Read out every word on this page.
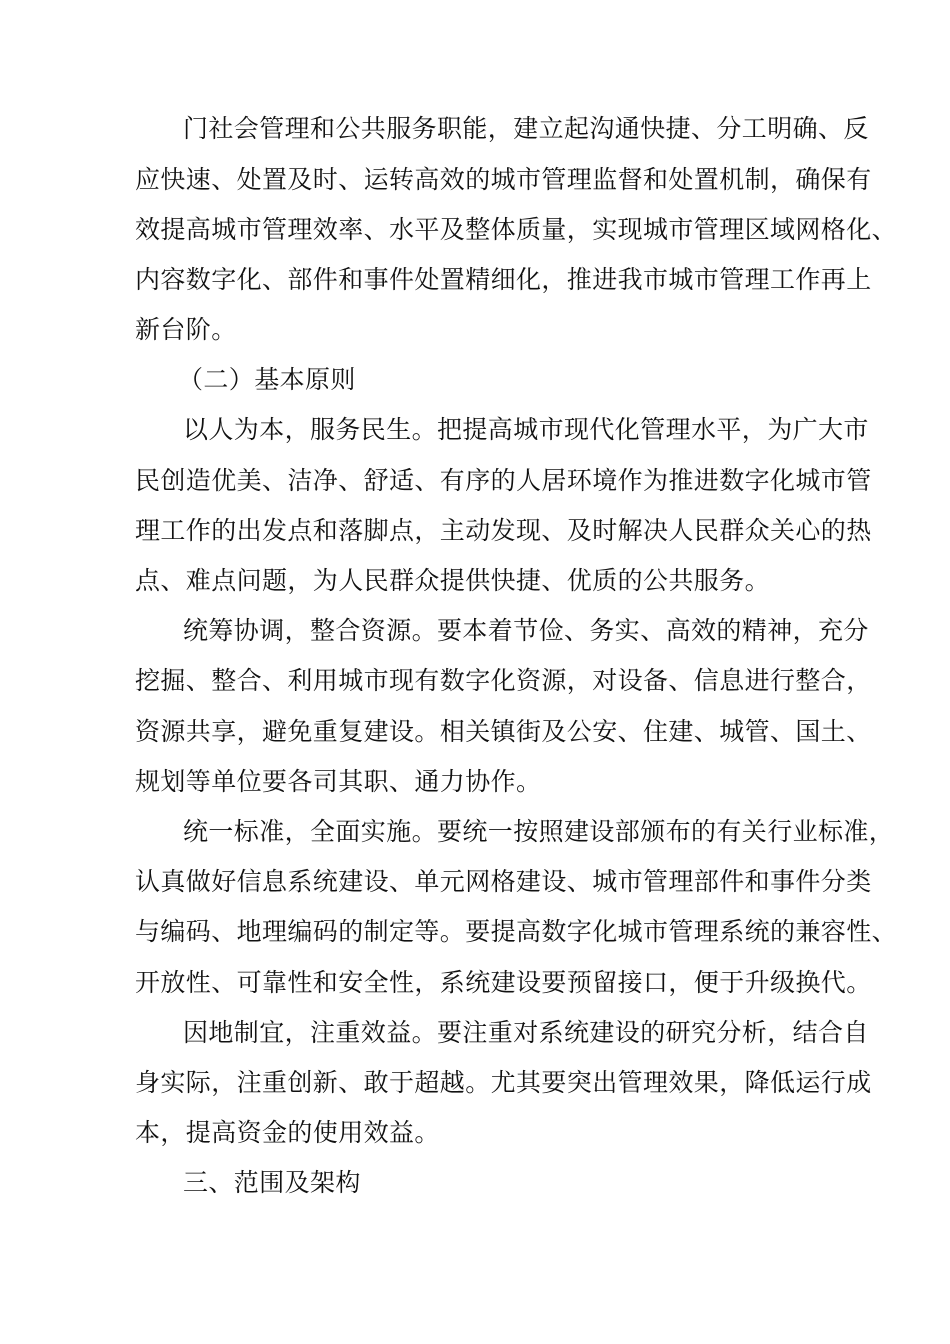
门社会管理和公共服务职能，建立起沟通快捷、分工明确、反
应快速、处置及时、运转高效的城市管理监督和处置机制，确保有
效提高城市管理效率、水平及整体质量，实现城市管理区域网格化、
内容数字化、部件和事件处置精细化，推进我市城市管理工作再上
新台阶。
（二）基本原则
以人为本，服务民生。把提高城市现代化管理水平，为广大市
民创造优美、洁净、舒适、有序的人居环境作为推进数字化城市管
理工作的出发点和落脚点，主动发现、及时解决人民群众关心的热
点、难点问题，为人民群众提供快捷、优质的公共服务。
统筹协调，整合资源。要本着节俭、务实、高效的精神，充分
挖掘、整合、利用城市现有数字化资源，对设备、信息进行整合，
资源共享，避免重复建设。相关镇街及公安、住建、城管、国土、
规划等单位要各司其职、通力协作。
统一标准，全面实施。要统一按照建设部颁布的有关行业标准，
认真做好信息系统建设、单元网格建设、城市管理部件和事件分类
与编码、地理编码的制定等。要提高数字化城市管理系统的兼容性、
开放性、可靠性和安全性，系统建设要预留接口，便于升级换代。
因地制宜，注重效益。要注重对系统建设的研究分析，结合自
身实际，注重创新、敢于超越。尤其要突出管理效果，降低运行成
本，提高资金的使用效益。
三、范围及架构
